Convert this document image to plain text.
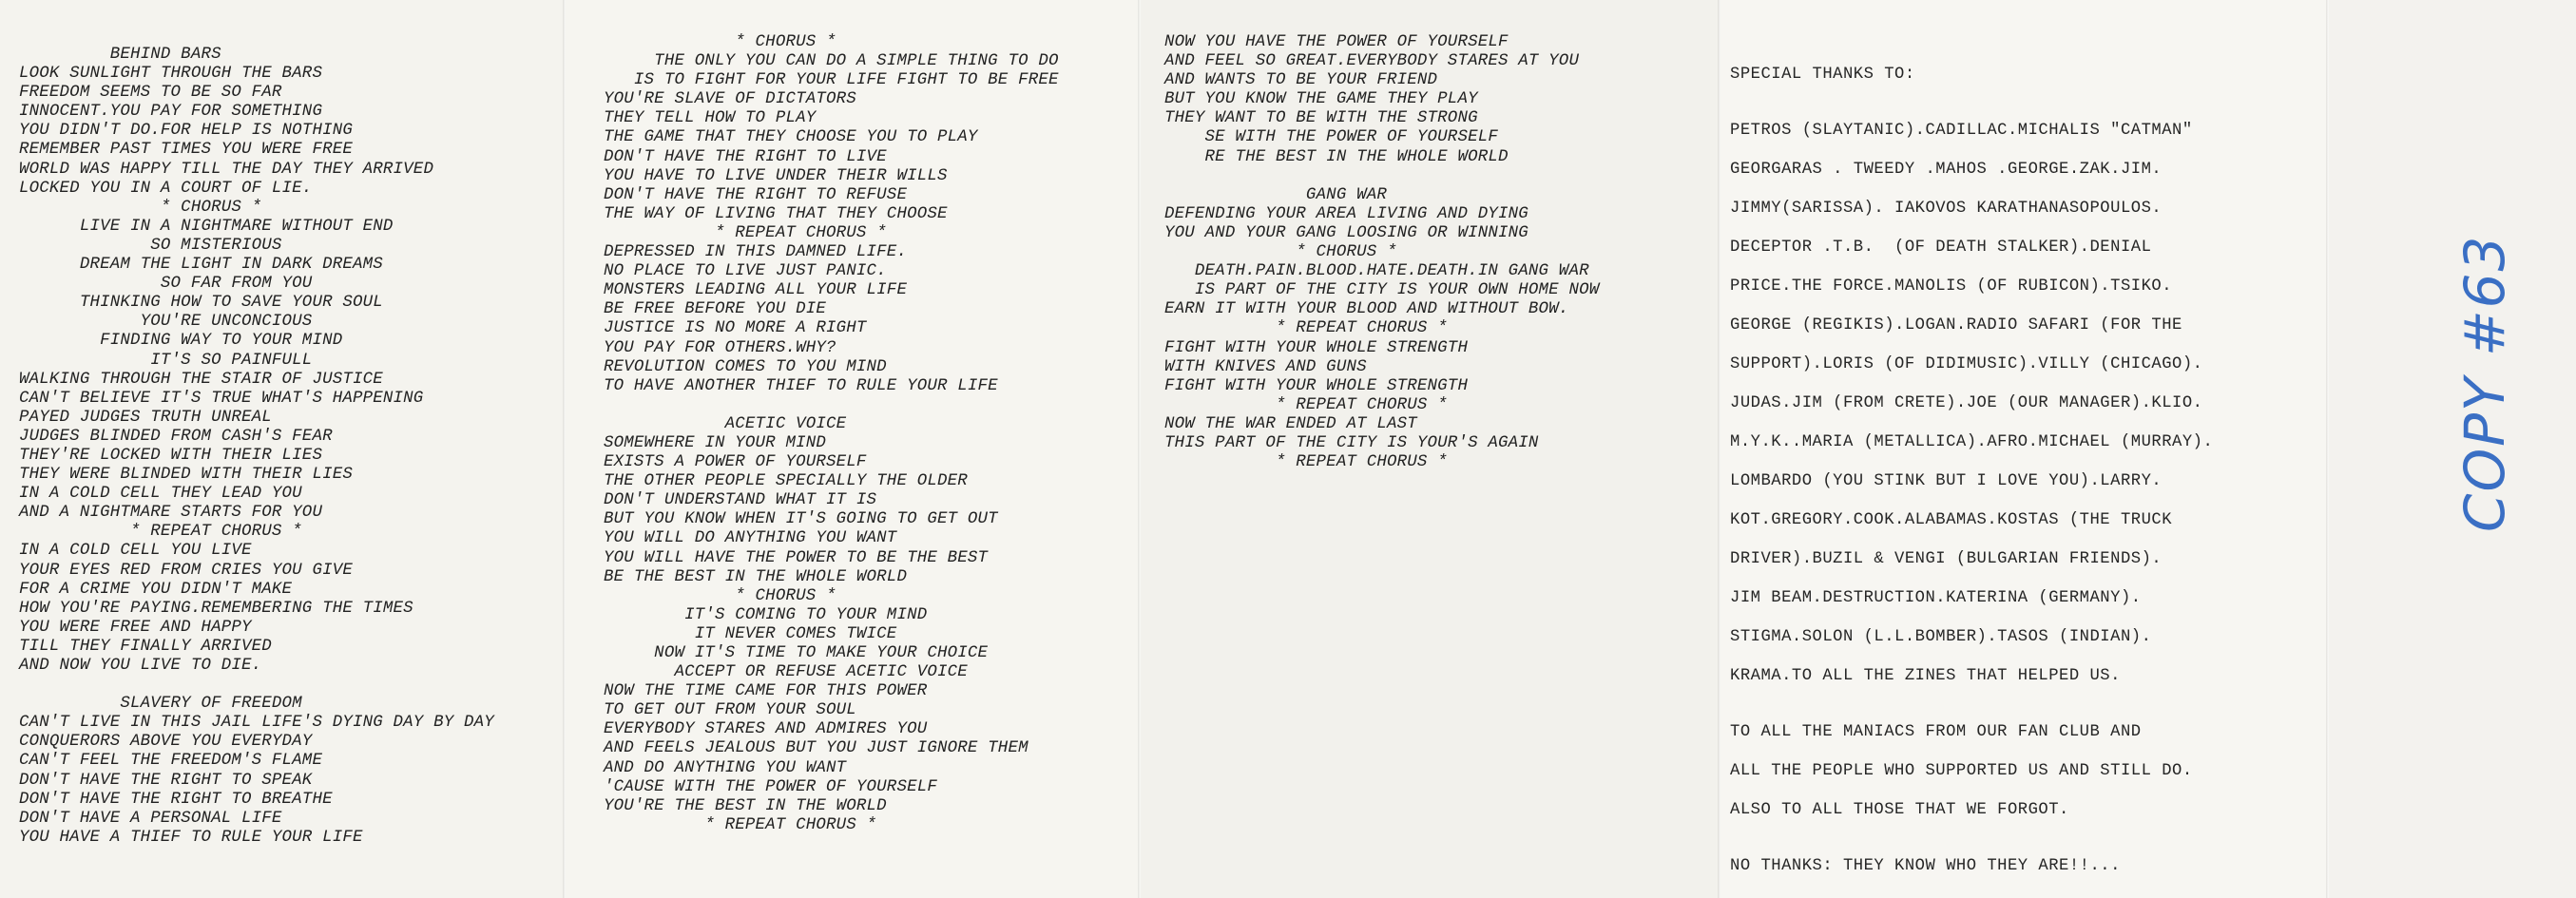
BEHIND BARS
LOOK SUNLIGHT THROUGH THE BARS
FREEDOM SEEMS TO BE SO FAR
INNOCENT.YOU PAY FOR SOMETHING
YOU DIDN'T DO.FOR HELP IS NOTHING
REMEMBER PAST TIMES YOU WERE FREE
WORLD WAS HAPPY TILL THE DAY THEY ARRIVED
LOCKED YOU IN A COURT OF LIE.
* CHORUS *
LIVE IN A NIGHTMARE WITHOUT END
SO MISTERIOUS
DREAM THE LIGHT IN DARK DREAMS
SO FAR FROM YOU
THINKING HOW TO SAVE YOUR SOUL
YOU'RE UNCONCIOUS
FINDING WAY TO YOUR MIND
IT'S SO PAINFULL
WALKING THROUGH THE STAIR OF JUSTICE
CAN'T BELIEVE IT'S TRUE WHAT'S HAPPENING
PAYED JUDGES TRUTH UNREAL
JUDGES BLINDED FROM CASH'S FEAR
THEY'RE LOCKED WITH THEIR LIES
THEY WERE BLINDED WITH THEIR LIES
IN A COLD CELL THEY LEAD YOU
AND A NIGHTMARE STARTS FOR YOU
* REPEAT CHORUS *
IN A COLD CELL YOU LIVE
YOUR EYES RED FROM CRIES YOU GIVE
FOR A CRIME YOU DIDN'T MAKE
HOW YOU'RE PAYING.REMEMBERING THE TIMES
YOU WERE FREE AND HAPPY
TILL THEY FINALLY ARRIVED
AND NOW YOU LIVE TO DIE.

SLAVERY OF FREEDOM
CAN'T LIVE IN THIS JAIL LIFE'S DYING DAY BY DAY
CONQUERORS ABOVE YOU EVERYDAY
CAN'T FEEL THE FREEDOM'S FLAME
DON'T HAVE THE RIGHT TO SPEAK
DON'T HAVE THE RIGHT TO BREATHE
DON'T HAVE A PERSONAL LIFE
YOU HAVE A THIEF TO RULE YOUR LIFE
* CHORUS *
THE ONLY YOU CAN DO A SIMPLE THING TO DO
IS TO FIGHT FOR YOUR LIFE FIGHT TO BE FREE
YOU'RE SLAVE OF DICTATORS
THEY TELL HOW TO PLAY
THE GAME THAT THEY CHOOSE YOU TO PLAY
DON'T HAVE THE RIGHT TO LIVE
YOU HAVE TO LIVE UNDER THEIR WILLS
DON'T HAVE THE RIGHT TO REFUSE
THE WAY OF LIVING THAT THEY CHOOSE
* REPEAT CHORUS *
DEPRESSED IN THIS DAMNED LIFE.
NO PLACE TO LIVE JUST PANIC.
MONSTERS LEADING ALL YOUR LIFE
BE FREE BEFORE YOU DIE
JUSTICE IS NO MORE A RIGHT
YOU PAY FOR OTHERS.WHY?
REVOLUTION COMES TO YOU MIND
TO HAVE ANOTHER THIEF TO RULE YOUR LIFE

ACETIC VOICE
SOMEWHERE IN YOUR MIND
EXISTS A POWER OF YOURSELF
THE OTHER PEOPLE SPECIALLY THE OLDER
DON'T UNDERSTAND WHAT IT IS
BUT YOU KNOW WHEN IT'S GOING TO GET OUT
YOU WILL DO ANYTHING YOU WANT
YOU WILL HAVE THE POWER TO BE THE BEST
BE THE BEST IN THE WHOLE WORLD
* CHORUS *
IT'S COMING TO YOUR MIND
IT NEVER COMES TWICE
NOW IT'S TIME TO MAKE YOUR CHOICE
ACCEPT OR REFUSE ACETIC VOICE
NOW THE TIME CAME FOR THIS POWER
TO GET OUT FROM YOUR SOUL
EVERYBODY STARES AND ADMIRES YOU
AND FEELS JEALOUS BUT YOU JUST IGNORE THEM
AND DO ANYTHING YOU WANT
'CAUSE WITH THE POWER OF YOURSELF
YOU'RE THE BEST IN THE WORLD
* REPEAT CHORUS *
NOW YOU HAVE THE POWER OF YOURSELF
AND FEEL SO GREAT.EVERYBODY STARES AT YOU
AND WANTS TO BE YOUR FRIEND
BUT YOU KNOW THE GAME THEY PLAY
THEY WANT TO BE WITH THE STRONG
SE WITH THE POWER OF YOURSELF
RE THE BEST IN THE WHOLE WORLD

GANG WAR
DEFENDING YOUR AREA LIVING AND DYING
YOU AND YOUR GANG LOOSING OR WINNING
* CHORUS *
DEATH.PAIN.BLOOD.HATE.DEATH.IN GANG WAR
IS PART OF THE CITY IS YOUR OWN HOME NOW
EARN IT WITH YOUR BLOOD AND WITHOUT BOW.
* REPEAT CHORUS *
FIGHT WITH YOUR WHOLE STRENGTH
WITH KNIVES AND GUNS
FIGHT WITH YOUR WHOLE STRENGTH
* REPEAT CHORUS *
NOW THE WAR ENDED AT LAST
THIS PART OF THE CITY IS YOUR'S AGAIN
* REPEAT CHORUS *
SPECIAL THANKS TO:
PETROS (SLAYTANIC).CADILLAC.MICHALIS "CATMAN"
GEORGARAS . TWEEDY .MAHOS .GEORGE.ZAK.JIM.
JIMMY(SARISSA). IAKOVOS KARATHANASOPOULOS.
DECEPTOR .T.B.  (OF DEATH STALKER).DENIAL
PRICE.THE FORCE.MANOLIS (OF RUBICON).TSIKO.
GEORGE (REGIKIS).LOGAN.RADIO SAFARI (FOR THE
SUPPORT).LORIS (OF DIDIMUSIC).VILLY (CHICAGO).
JUDAS.JIM (FROM CRETE).JOE (OUR MANAGER).KLIO.
M.Y.K..MARIA (METALLICA).AFRO.MICHAEL (MURRAY).
LOMBARDO (YOU STINK BUT I LOVE YOU).LARRY.
KOT.GREGORY.COOK.ALABAMAS.KOSTAS (THE TRUCK
DRIVER).BUZIL & VENGI (BULGARIAN FRIENDS).
JIM BEAM.DESTRUCTION.KATERINA (GERMANY).
STIGMA.SOLON (L.L.BOMBER).TASOS (INDIAN).
KRAMA.TO ALL THE ZINES THAT HELPED US.
TO ALL THE MANIACS FROM OUR FAN CLUB AND
ALL THE PEOPLE WHO SUPPORTED US AND STILL DO.
ALSO TO ALL THOSE THAT WE FORGOT.
NO THANKS: THEY KNOW WHO THEY ARE!!...
COPY #63
